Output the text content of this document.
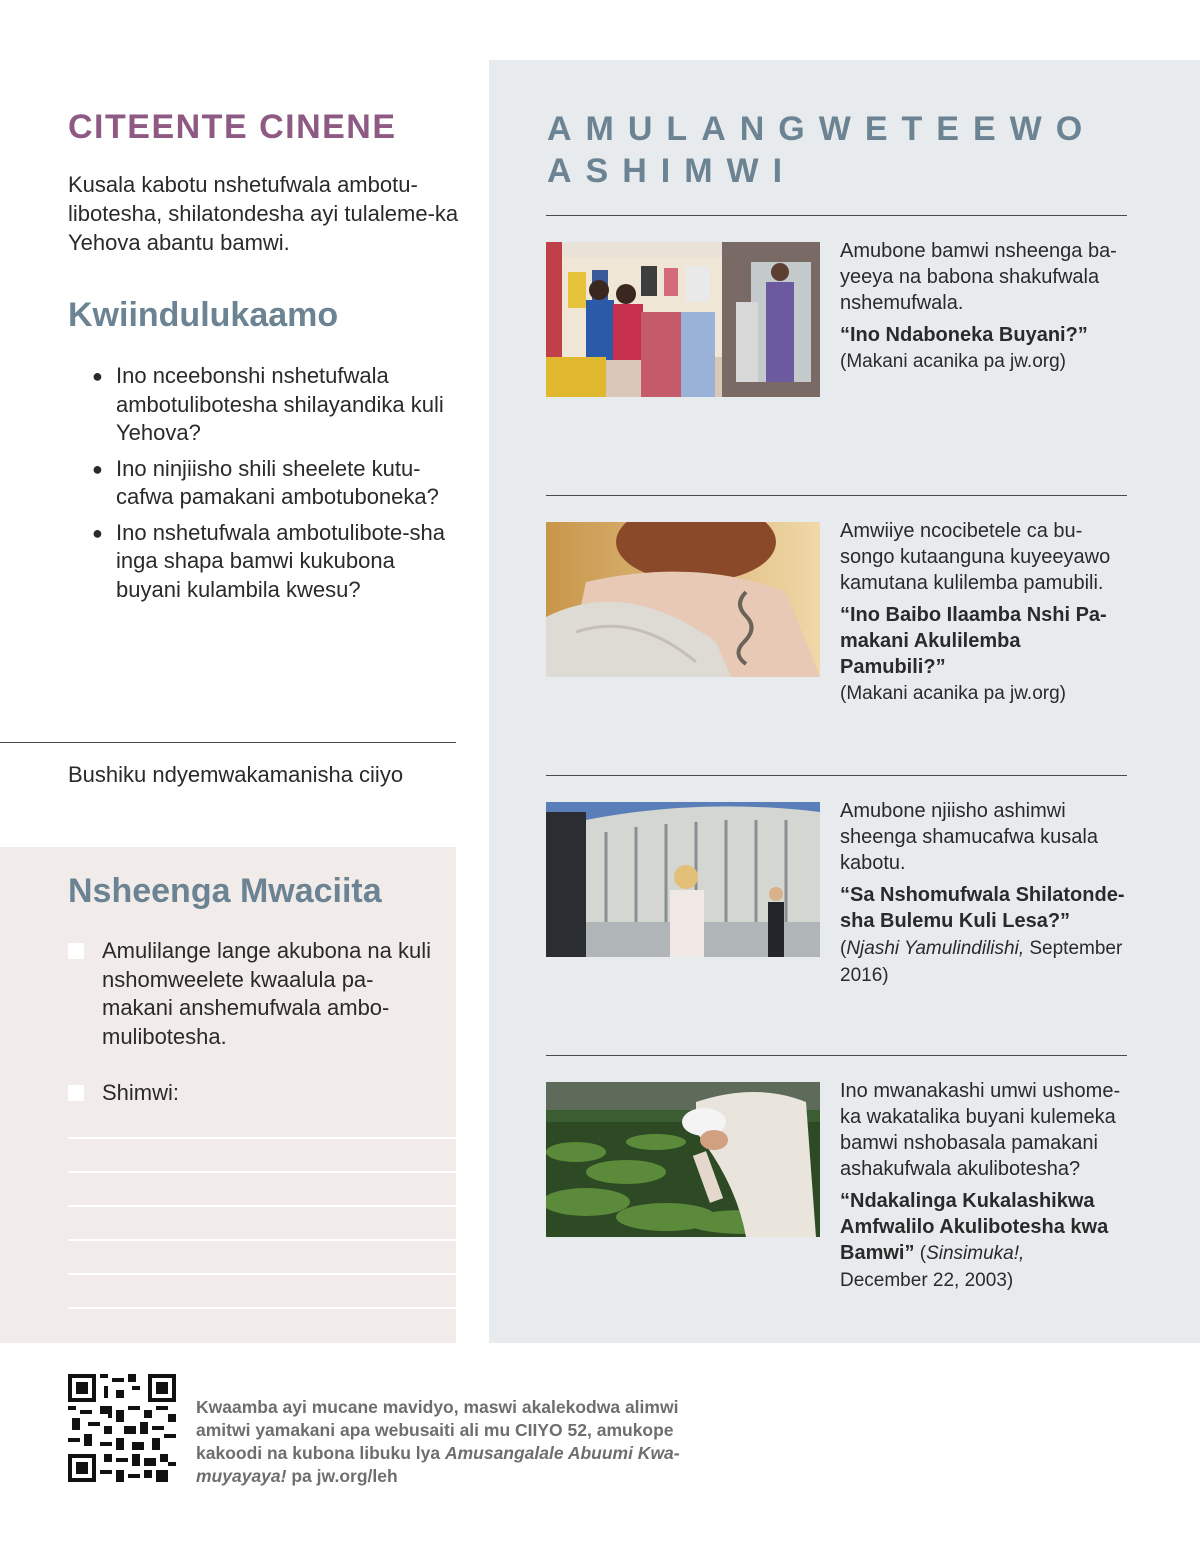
CITEENTE CINENE

Kusala kabotu nshetufwala ambotu-libotesha, shilatondesha ayi tulaleme-ka Yehova abantu bamwi.

Kwiindulukaamo
● Ino nceebonshi nshetufwala ambotulibotesha shilayandika kuli Yehova?
● Ino ninjiisho shili sheelete kutu-cafwa pamakani ambotuboneka?
● Ino nshetufwala ambotulibote-sha inga shapa bamwi kukubona buyani kulambila kwesu?
Bushiku ndyemwakamanisha ciiyo
Nsheenga Mwaciita
Amulilange lange akubona na kuli nshomweelete kwaalula pa-makani anshemufwala ambo-mulibotesha.
Shimwi:
AMULANGWETEEWO
ASHIMWI
Amubone bamwi nsheenga ba-yeeya na babona shakufwala nshemufwala.
“Ino Ndaboneka Buyani?”
(Makani acanika pa jw.org)
Amwiiye ncocibetele ca bu-songo kutaanguna kuyeeyawo kamutana kulilemba pamubili.
“Ino Baibo Ilaamba Nshi Pa-makani Akulilemba Pamubili?”
(Makani acanika pa jw.org)
Amubone njiisho ashimwi sheenga shamucafwa kusala kabotu.
“Sa Nshomufwala Shilatonde-sha Bulemu Kuli Lesa?” (Njashi Yamulindilishi, September 2016)
Ino mwanakashi umwi ushome-ka wakatalika buyani kulemeka bamwi nshobasala pamakani ashakufwala akulibotesha?
“Ndakalinga Kukalashikwa Amfwalilo Akulibotesha kwa Bamwi” (Sinsimuka!,
December 22, 2003)

Kwaamba ayi mucane mavidyo, maswi akalekodwa alimwi amitwi yamakani apa webusaiti ali mu CIIYO 52, amukope kakoodi na kubona libuku lya Amusangalale Abuumi Kwa-muyayaya! pa jw.org/leh
